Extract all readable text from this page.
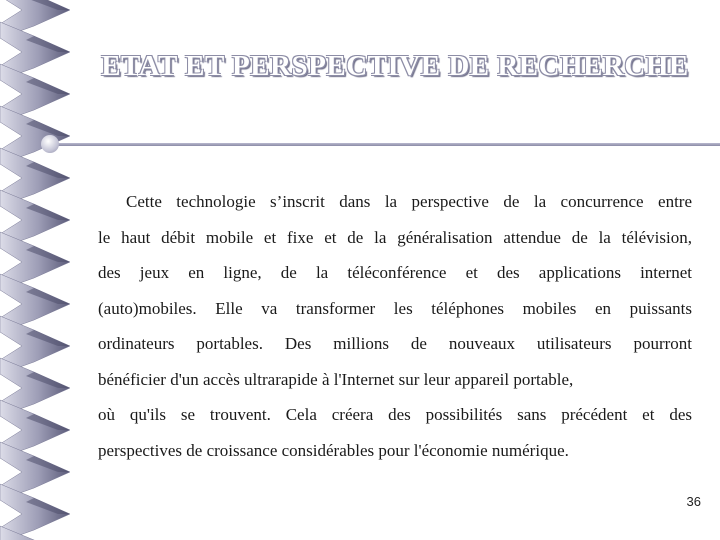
ETAT ET PERSPECTIVE DE RECHERCHE
Cette technologie s’inscrit dans la perspective de la concurrence entre
le haut débit mobile et fixe et de la généralisation attendue de la télévision,
des jeux en ligne, de la téléconférence et des applications internet
(auto)mobiles. Elle va transformer les téléphones mobiles en puissants
ordinateurs portables. Des millions de nouveaux utilisateurs pourront
bénéficier d'un accès ultrarapide à l'Internet sur leur appareil portable,
où qu'ils se trouvent. Cela créera des possibilités sans précédent et des
perspectives de croissance considérables pour l'économie numérique.
36
